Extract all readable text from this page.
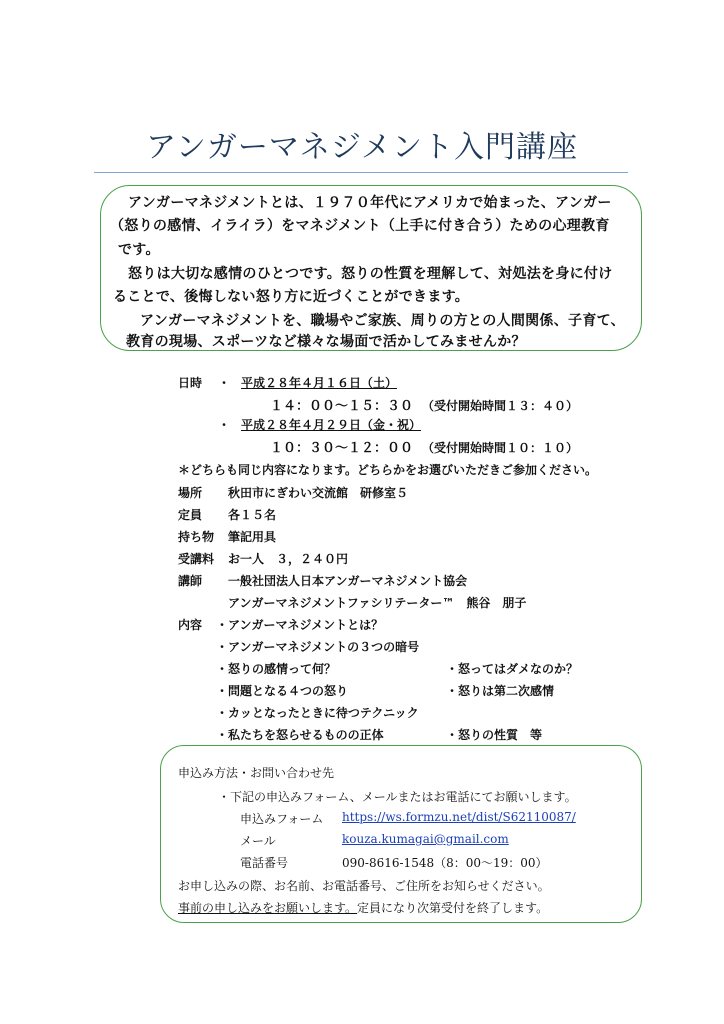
アンガーマネジメント入門講座
アンガーマネジメントとは、１９７０年代にアメリカで始まった、アンガー
（怒りの感情、イライラ）をマネジメント（上手に付き合う）ための心理教育
です。
怒りは大切な感情のひとつです。怒りの性質を理解して、対処法を身に付け
ることで、後悔しない怒り方に近づくことができます。
アンガーマネジメントを、職場やご家族、周りの方との人間関係、子育て、
教育の現場、スポーツなど様々な場面で活かしてみませんか？
日時 ・ 平成２８年４月１６日（土）
１４：００～１５：３０ （受付開始時間１３：４０）
・ 平成２８年４月２９日（金・祝）
１０：３０～１２：００ （受付開始時間１０：１０）
＊どちらも同じ内容になります。どちらかをお選びいただきご参加ください。
場所 秋田市にぎわい交流館　研修室５
定員 各１５名
持ち物 筆記用具
受講料 お一人　３，２４０円
講師 一般社団法人日本アンガーマネジメント協会
アンガーマネジメントファシリテーター™　熊谷　朋子
内容 ・アンガーマネジメントとは？
・アンガーマネジメントの３つの暗号
・怒りの感情って何？
・問題となる４つの怒り
・カッとなったときに待つテクニック
・私たちを怒らせるものの正体
・怒ってはダメなのか？
・怒りは第二次感情
・怒りの性質　等
申込み方法・お問い合わせ先
・下記の申込みフォーム、メールまたはお電話にてお願いします。
申込みフォーム https://ws.formzu.net/dist/S62110087/
メール	kouza.kumagai@gmail.com
電話番号	090-8616-1548（8：00～19：00）
お申し込みの際、お名前、お電話番号、ご住所をお知らせください。
事前の申し込みをお願いします。定員になり次第受付を終了します。
